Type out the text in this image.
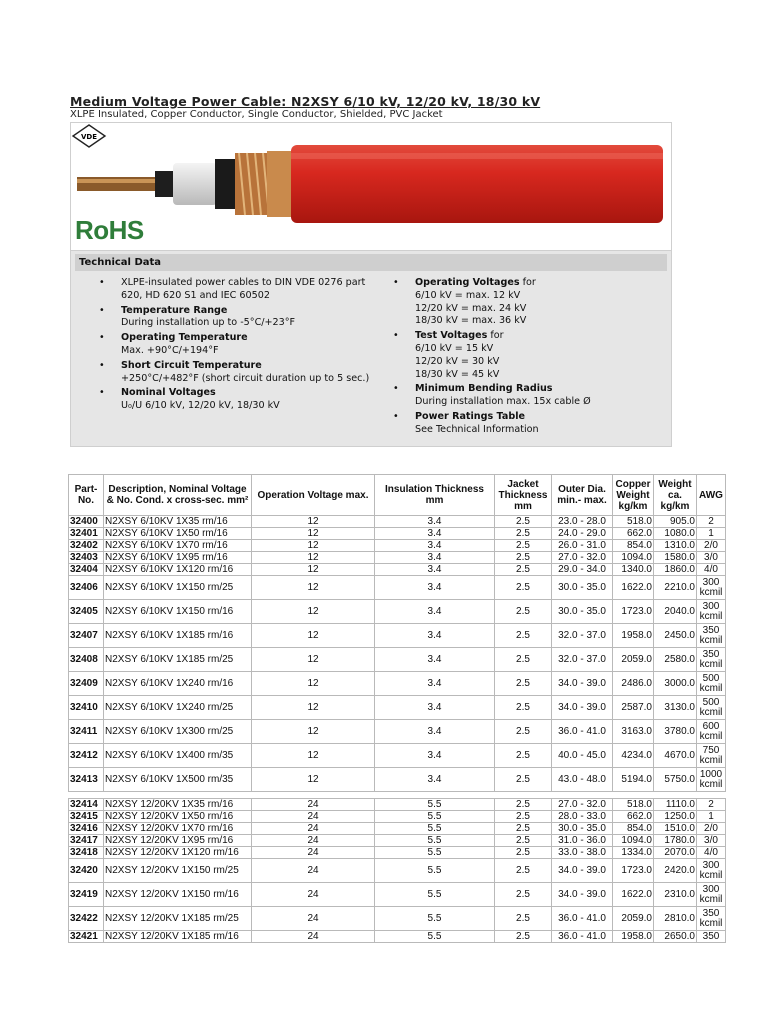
Medium Voltage Power Cable: N2XSY 6/10 kV, 12/20 kV, 18/30 kV
XLPE Insulated, Copper Conductor, Single Conductor, Shielded, PVC Jacket
RoHS
VDE
Technical Data
• XLPE-insulated power cables to DIN VDE 0276 part 620, HD 620 S1 and IEC 60502
• Temperature Range
During installation up to -5°C/+23°F
• Operating Temperature
Max. +90°C/+194°F
• Short Circuit Temperature
+250°C/+482°F (short circuit duration up to 5 sec.)
• Nominal Voltages
U₀/U 6/10 kV, 12/20 kV, 18/30 kV
• Operating Voltages for
6/10 kV = max. 12 kV
12/20 kV = max. 24 kV
18/30 kV = max. 36 kV
• Test Voltages for
6/10 kV = 15 kV
12/20 kV = 30 kV
18/30 kV = 45 kV
• Minimum Bending Radius
During installation max. 15x cable Ø
• Power Ratings Table
See Technical Information
Part-No.	Description, Nominal Voltage & No. Cond. x cross-sec. mm²	Operation Voltage max.	Insulation Thickness mm	Jacket Thickness mm	Outer Dia. min.- max.	Copper Weight kg/km	Weight ca. kg/km	AWG
32400	N2XSY 6/10KV 1X35 rm/16	12	3.4	2.5	23.0 - 28.0	518.0	905.0	2
32401	N2XSY 6/10KV 1X50 rm/16	12	3.4	2.5	24.0 - 29.0	662.0	1080.0	1
32402	N2XSY 6/10KV 1X70 rm/16	12	3.4	2.5	26.0 - 31.0	854.0	1310.0	2/0
32403	N2XSY 6/10KV 1X95 rm/16	12	3.4	2.5	27.0 - 32.0	1094.0	1580.0	3/0
32404	N2XSY 6/10KV 1X120 rm/16	12	3.4	2.5	29.0 - 34.0	1340.0	1860.0	4/0
32406	N2XSY 6/10KV 1X150 rm/25	12	3.4	2.5	30.0 - 35.0	1622.0	2210.0	300 kcmil
32405	N2XSY 6/10KV 1X150 rm/16	12	3.4	2.5	30.0 - 35.0	1723.0	2040.0	300 kcmil
32407	N2XSY 6/10KV 1X185 rm/16	12	3.4	2.5	32.0 - 37.0	1958.0	2450.0	350 kcmil
32408	N2XSY 6/10KV 1X185 rm/25	12	3.4	2.5	32.0 - 37.0	2059.0	2580.0	350 kcmil
32409	N2XSY 6/10KV 1X240 rm/16	12	3.4	2.5	34.0 - 39.0	2486.0	3000.0	500 kcmil
32410	N2XSY 6/10KV 1X240 rm/25	12	3.4	2.5	34.0 - 39.0	2587.0	3130.0	500 kcmil
32411	N2XSY 6/10KV 1X300 rm/25	12	3.4	2.5	36.0 - 41.0	3163.0	3780.0	600 kcmil
32412	N2XSY 6/10KV 1X400 rm/35	12	3.4	2.5	40.0 - 45.0	4234.0	4670.0	750 kcmil
32413	N2XSY 6/10KV 1X500 rm/35	12	3.4	2.5	43.0 - 48.0	5194.0	5750.0	1000 kcmil

32414	N2XSY 12/20KV 1X35 rm/16	24	5.5	2.5	27.0 - 32.0	518.0	1110.0	2
32415	N2XSY 12/20KV 1X50 rm/16	24	5.5	2.5	28.0 - 33.0	662.0	1250.0	1
32416	N2XSY 12/20KV 1X70 rm/16	24	5.5	2.5	30.0 - 35.0	854.0	1510.0	2/0
32417	N2XSY 12/20KV 1X95 rm/16	24	5.5	2.5	31.0 - 36.0	1094.0	1780.0	3/0
32418	N2XSY 12/20KV 1X120 rm/16	24	5.5	2.5	33.0 - 38.0	1334.0	2070.0	4/0
32420	N2XSY 12/20KV 1X150 rm/25	24	5.5	2.5	34.0 - 39.0	1723.0	2420.0	300 kcmil
32419	N2XSY 12/20KV 1X150 rm/16	24	5.5	2.5	34.0 - 39.0	1622.0	2310.0	300 kcmil
32422	N2XSY 12/20KV 1X185 rm/25	24	5.5	2.5	36.0 - 41.0	2059.0	2810.0	350 kcmil
32421	N2XSY 12/20KV 1X185 rm/16	24	5.5	2.5	36.0 - 41.0	1958.0	2650.0	350
